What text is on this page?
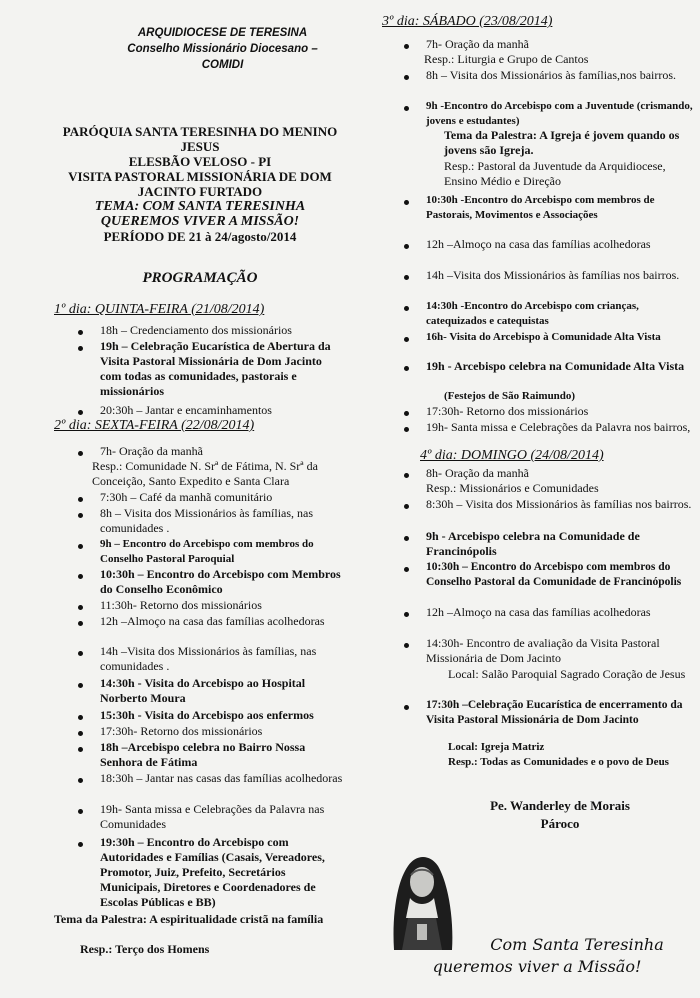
ARQUIDIOCESE DE TERESINA
Conselho Missionário Diocesano –
COMIDI
PARÓQUIA SANTA TERESINHA DO MENINO
JESUS
ELESBÃO VELOSO - PI
VISITA PASTORAL MISSIONÁRIA DE DOM
JACINTO FURTADO
TEMA: COM SANTA TERESINHA
QUEREMOS VIVER A MISSÃO!
PERÍODO DE 21 à 24/agosto/2014
PROGRAMAÇÃO
1º dia: QUINTA-FEIRA (21/08/2014)
18h – Credenciamento dos missionários
19h – Celebração Eucarística de Abertura da Visita Pastoral Missionária de Dom Jacinto com todas as comunidades, pastorais e missionários
20:30h – Jantar e encaminhamentos
2º dia: SEXTA-FEIRA (22/08/2014)
7h- Oração da manhã
Resp.: Comunidade N. Srª de Fátima, N. Srª da Conceição, Santo Expedito e Santa Clara
7:30h – Café da manhã comunitário
8h – Visita dos Missionários às famílias, nas comunidades .
9h – Encontro do Arcebispo com membros do Conselho Pastoral Paroquial
10:30h – Encontro do Arcebispo com Membros do Conselho Econômico
11:30h- Retorno dos missionários
12h –Almoço na casa das famílias acolhedoras
14h –Visita dos Missionários às famílias, nas comunidades .
14:30h - Visita do Arcebispo ao Hospital Norberto Moura
15:30h - Visita do Arcebispo aos enfermos
17:30h- Retorno dos missionários
18h –Arcebispo celebra no Bairro Nossa Senhora de Fátima
18:30h – Jantar nas casas das famílias acolhedoras
19h- Santa missa e Celebrações da Palavra nas Comunidades
19:30h – Encontro do Arcebispo com Autoridades e Famílias (Casais, Vereadores, Promotor, Juiz, Prefeito, Secretários Municipais, Diretores e Coordenadores de Escolas Públicas e BB)
Tema da Palestra: A espiritualidade cristã na família
Resp.: Terço dos Homens
3º dia: SÁBADO (23/08/2014)
7h- Oração da manhã
Resp.: Liturgia e Grupo de Cantos
8h – Visita dos Missionários às famílias,nos bairros.
9h -Encontro do Arcebispo com a Juventude (crismando, jovens e estudantes)
Tema da Palestra: A Igreja é jovem quando os jovens são Igreja.
Resp.: Pastoral da Juventude da Arquidiocese, Ensino Médio e Direção
10:30h -Encontro do Arcebispo com membros de Pastorais, Movimentos e Associações
12h –Almoço na casa das famílias acolhedoras
14h –Visita dos Missionários às famílias nos bairros.
14:30h -Encontro do Arcebispo com crianças, catequizados e catequistas
16h- Visita do Arcebispo à Comunidade Alta Vista
19h - Arcebispo celebra na Comunidade Alta Vista
(Festejos de São Raimundo)
17:30h- Retorno dos missionários
19h- Santa missa e Celebrações da Palavra nos bairros,
4º dia: DOMINGO (24/08/2014)
8h- Oração da manhã
Resp.: Missionários e Comunidades
8:30h – Visita dos Missionários às famílias nos bairros.
9h - Arcebispo celebra na Comunidade de Francinópolis
10:30h – Encontro do Arcebispo com membros do Conselho Pastoral da Comunidade de Francinópolis
12h –Almoço na casa das famílias acolhedoras
14:30h- Encontro de avaliação da Visita Pastoral Missionária de Dom Jacinto
Local: Salão Paroquial Sagrado Coração de Jesus
17:30h –Celebração Eucarística de encerramento da Visita Pastoral Missionária de Dom Jacinto
Local: Igreja Matriz
Resp.: Todas as Comunidades e o povo de Deus
Pe. Wanderley de Morais
Pároco
Com Santa Teresinha
queremos viver a Missão!
